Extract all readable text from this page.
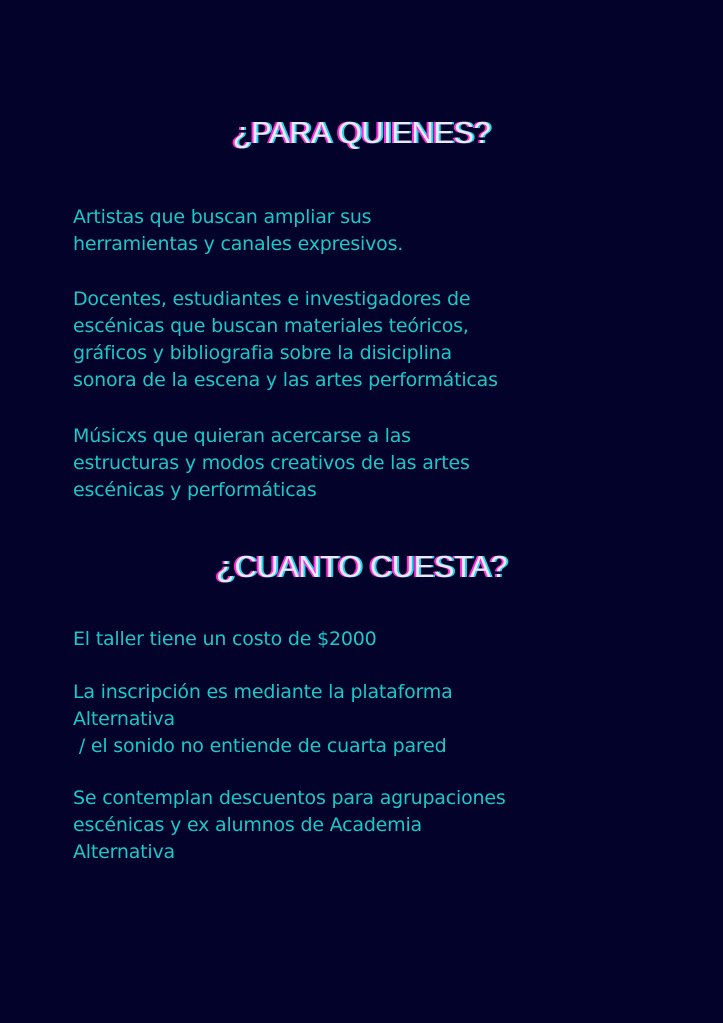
¿PARA QUIENES?

Artistas que buscan ampliar sus
herramientas y canales expresivos.

Docentes, estudiantes e investigadores de
escénicas que buscan materiales teóricos,
gráficos y bibliografia sobre la disiciplina
sonora de la escena y las artes performáticas

Músicxs que quieran acercarse a las
estructuras y modos creativos de las artes
escénicas y performáticas

¿CUANTO CUESTA?

El taller tiene un costo de $2000

La inscripción es mediante la plataforma
Alternativa
/ el sonido no entiende de cuarta pared

Se contemplan descuentos para agrupaciones
escénicas y ex alumnos de Academia
Alternativa
